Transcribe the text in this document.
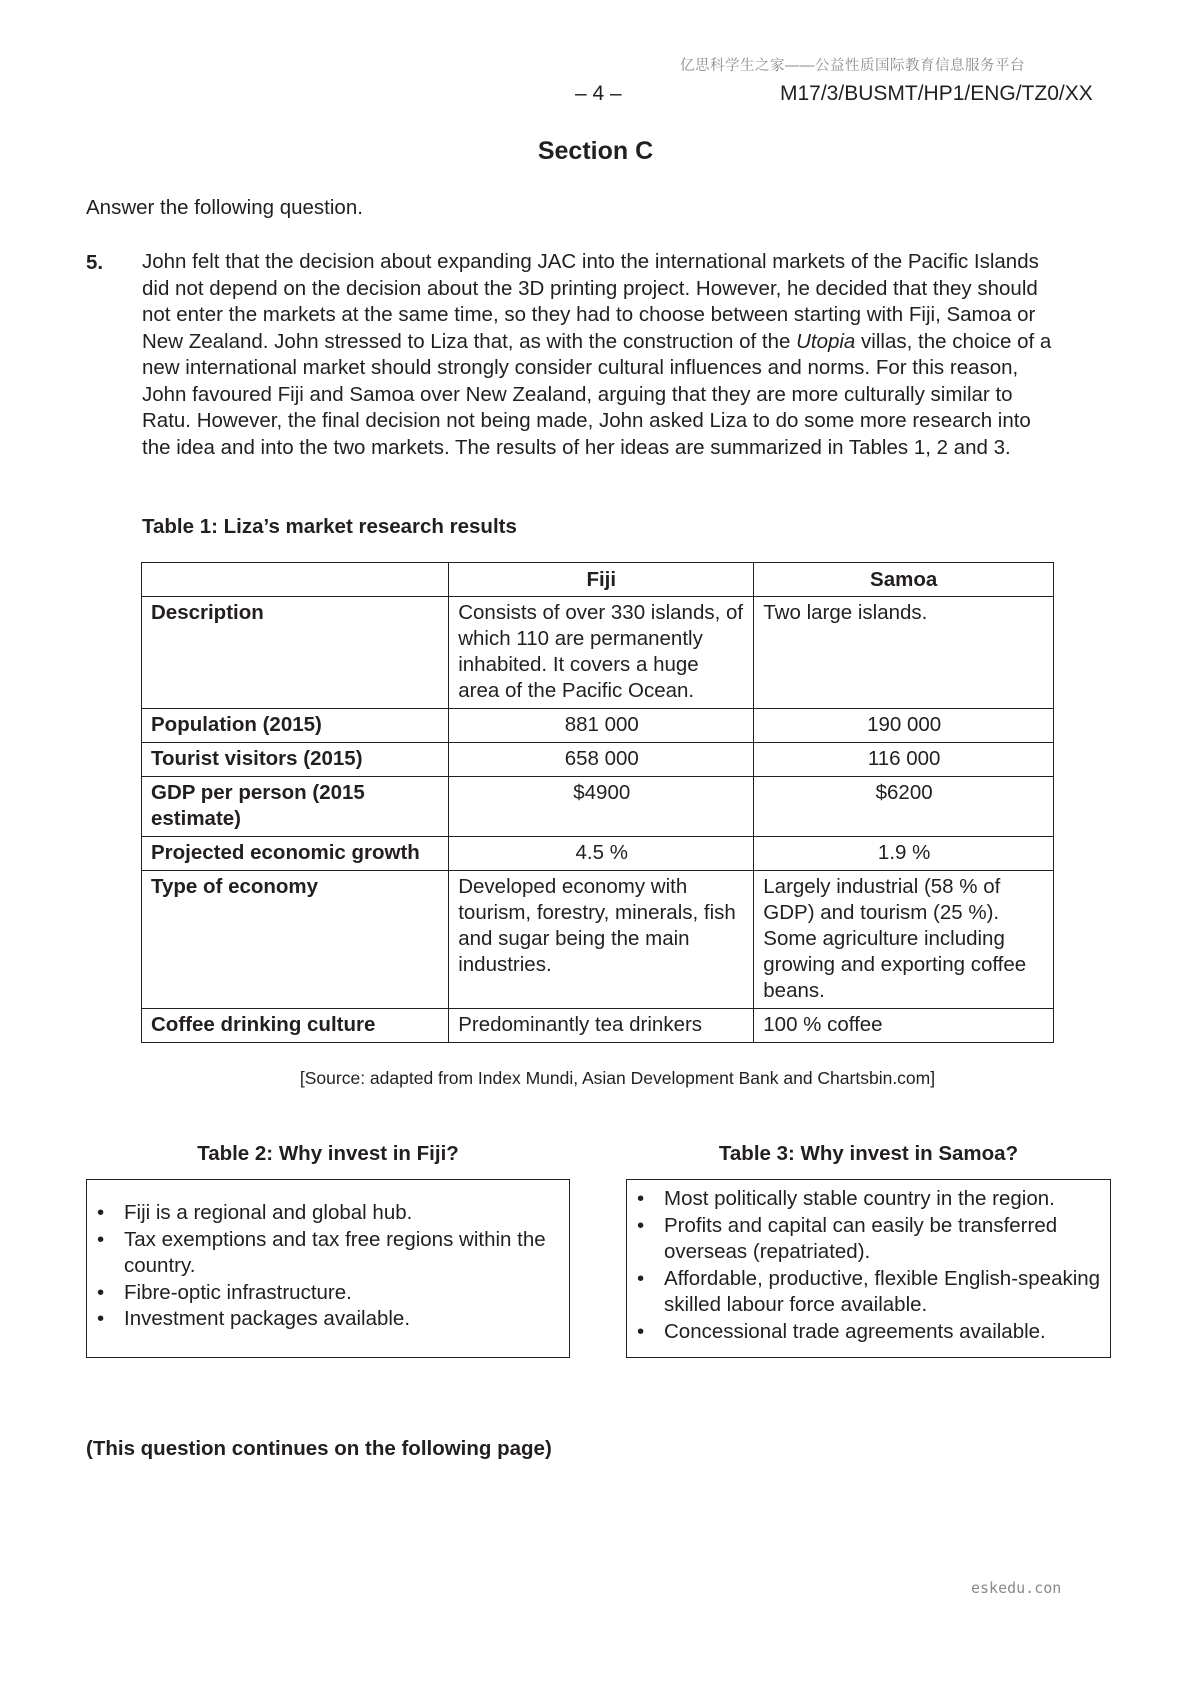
亿思科学生之家——公益性质国际教育信息服务平台
– 4 –	M17/3/BUSMT/HP1/ENG/TZ0/XX
Section C
Answer the following question.
5. John felt that the decision about expanding JAC into the international markets of the Pacific Islands did not depend on the decision about the 3D printing project. However, he decided that they should not enter the markets at the same time, so they had to choose between starting with Fiji, Samoa or New Zealand. John stressed to Liza that, as with the construction of the Utopia villas, the choice of a new international market should strongly consider cultural influences and norms. For this reason, John favoured Fiji and Samoa over New Zealand, arguing that they are more culturally similar to Ratu. However, the final decision not being made, John asked Liza to do some more research into the idea and into the two markets. The results of her ideas are summarized in Tables 1, 2 and 3.

Table 1: Liza’s market research results
	Fiji	Samoa
Description	Consists of over 330 islands, of which 110 are permanently inhabited. It covers a huge area of the Pacific Ocean.	Two large islands.
Population (2015)	881 000	190 000
Tourist visitors (2015)	658 000	116 000
GDP per person (2015 estimate)	$4900	$6200
Projected economic growth	4.5 %	1.9 %
Type of economy	Developed economy with tourism, forestry, minerals, fish and sugar being the main industries.	Largely industrial (58 % of GDP) and tourism (25 %). Some agriculture including growing and exporting coffee beans.
Coffee drinking culture	Predominantly tea drinkers	100 % coffee
[Source: adapted from Index Mundi, Asian Development Bank and Chartsbin.com]
Table 2: Why invest in Fiji?	Table 3: Why invest in Samoa?
• Fiji is a regional and global hub.
• Tax exemptions and tax free regions within the country.
• Fibre-optic infrastructure.
• Investment packages available.
• Most politically stable country in the region.
• Profits and capital can easily be transferred overseas (repatriated).
• Affordable, productive, flexible English-speaking skilled labour force available.
• Concessional trade agreements available.
(This question continues on the following page)
eskedu.con
